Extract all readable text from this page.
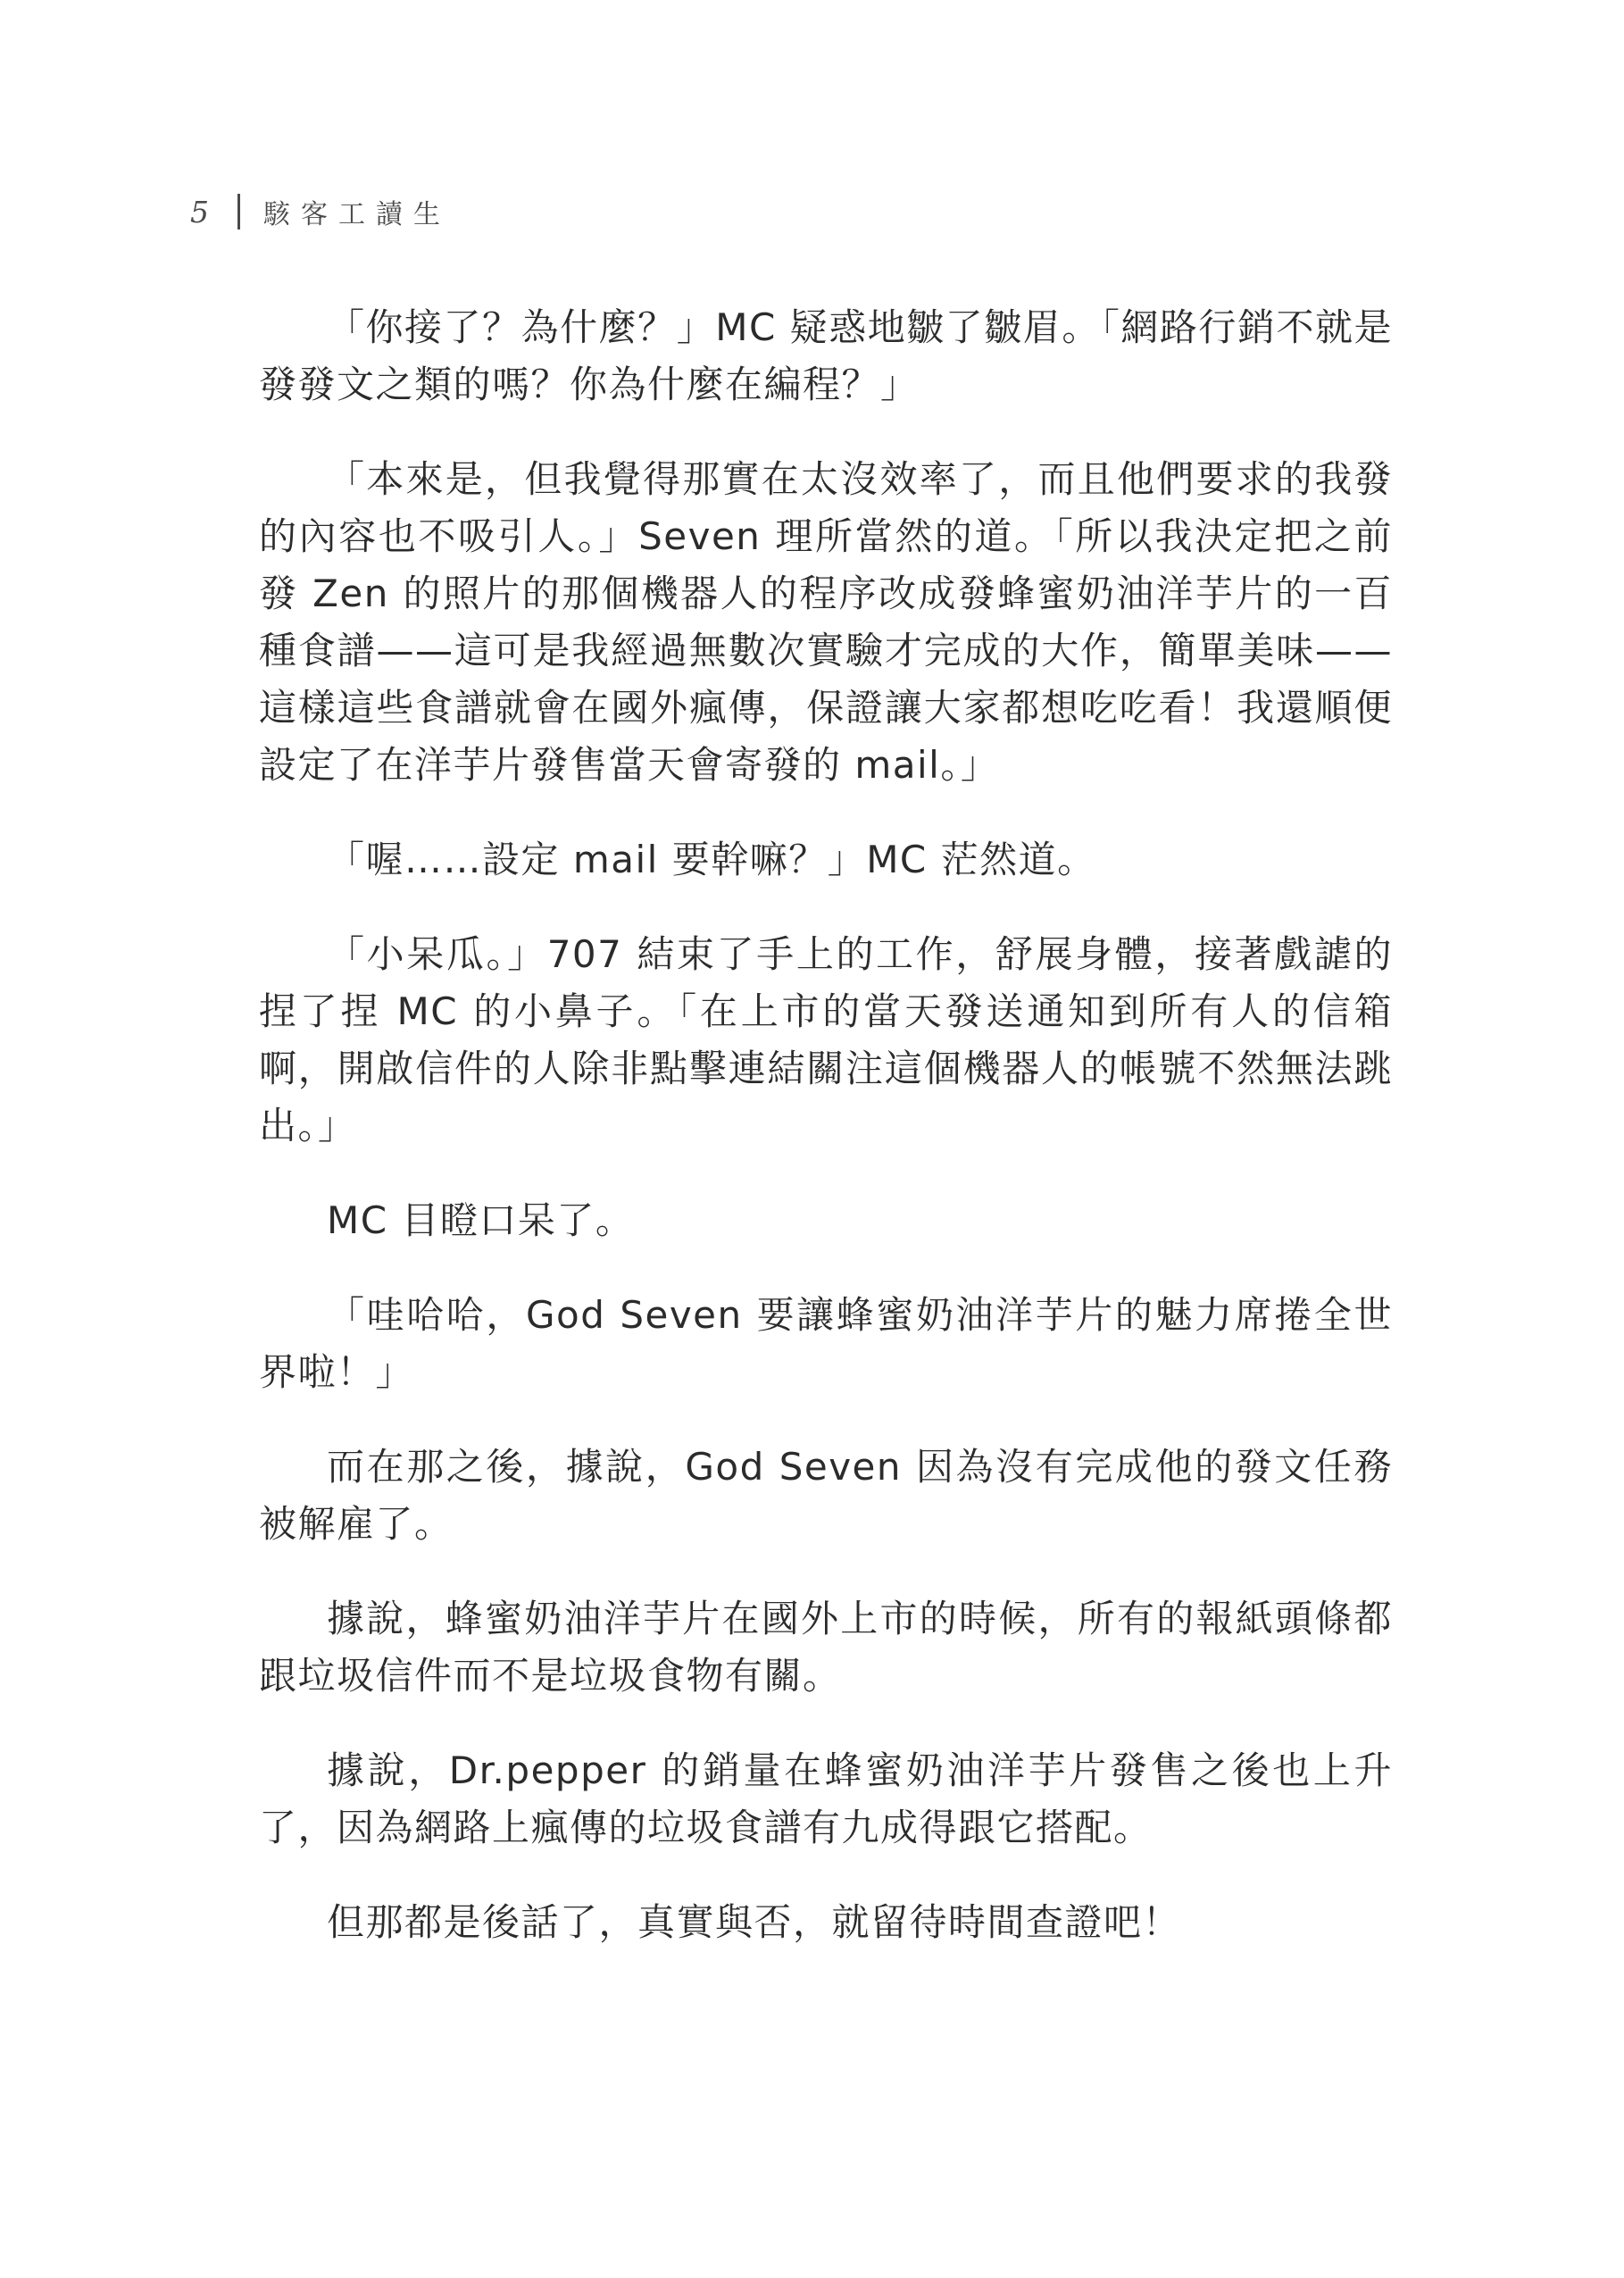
5 駭客工讀生

「你接了？為什麼？」MC 疑惑地皺了皺眉。「網路行銷不就是發發文之類的嗎？你為什麼在編程？」

「本來是，但我覺得那實在太沒效率了，而且他們要求的我發的內容也不吸引人。」Seven 理所當然的道。「所以我決定把之前發 Zen 的照片的那個機器人的程序改成發蜂蜜奶油洋芋片的一百種食譜——這可是我經過無數次實驗才完成的大作，簡單美味——這樣這些食譜就會在國外瘋傳，保證讓大家都想吃吃看！我還順便設定了在洋芋片發售當天會寄發的 mail。」

「喔……設定 mail 要幹嘛？」MC 茫然道。

「小呆瓜。」707 結束了手上的工作，舒展身體，接著戲謔的捏了捏 MC 的小鼻子。「在上市的當天發送通知到所有人的信箱啊，開啟信件的人除非點擊連結關注這個機器人的帳號不然無法跳出。」

MC 目瞪口呆了。

「哇哈哈，God Seven 要讓蜂蜜奶油洋芋片的魅力席捲全世界啦！」

而在那之後，據說，God Seven 因為沒有完成他的發文任務被解雇了。

據說，蜂蜜奶油洋芋片在國外上市的時候，所有的報紙頭條都跟垃圾信件而不是垃圾食物有關。

據說，Dr.pepper 的銷量在蜂蜜奶油洋芋片發售之後也上升了，因為網路上瘋傳的垃圾食譜有九成得跟它搭配。

但那都是後話了，真實與否，就留待時間查證吧！
